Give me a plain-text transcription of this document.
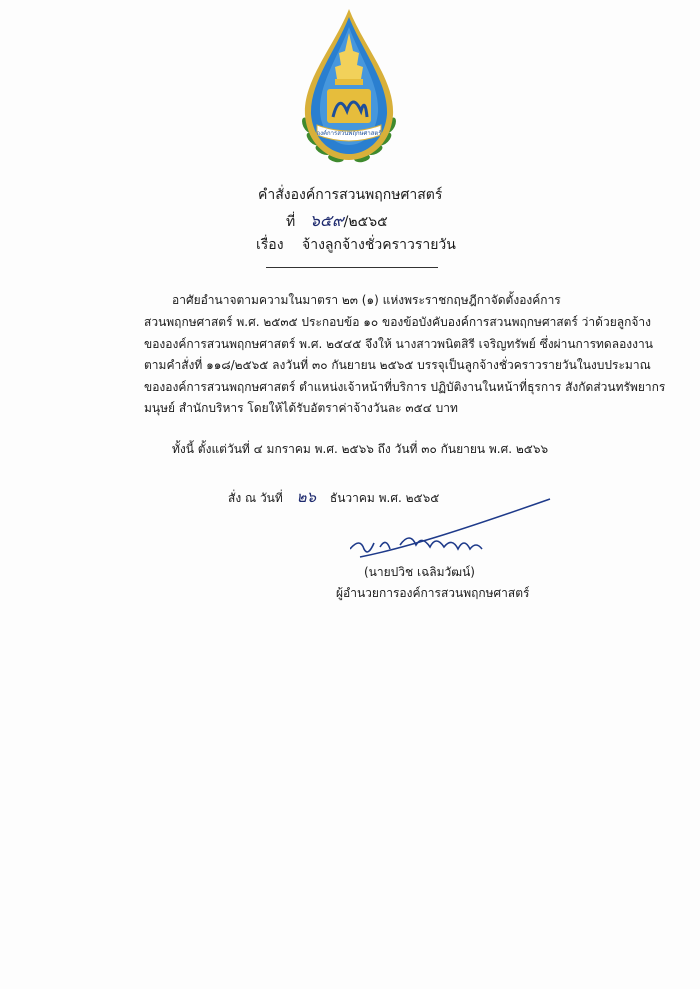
องค์การสวนพฤกษศาสตร์
คำสั่งองค์การสวนพฤกษศาสตร์
ที่ ๖๕๙/๒๕๖๕
เรื่อง จ้างลูกจ้างชั่วคราวรายวัน
อาศัยอำนาจตามความในมาตรา ๒๓ (๑) แห่งพระราชกฤษฎีกาจัดตั้งองค์การ
สวนพฤกษศาสตร์ พ.ศ. ๒๕๓๕ ประกอบข้อ ๑๐ ของข้อบังคับองค์การสวนพฤกษศาสตร์ ว่าด้วยลูกจ้าง
ขององค์การสวนพฤกษศาสตร์ พ.ศ. ๒๕๔๕ จึงให้ นางสาวพนิตสิรี เจริญทรัพย์ ซึ่งผ่านการทดลองงาน
ตามคำสั่งที่ ๑๑๘/๒๕๖๕ ลงวันที่ ๓๐ กันยายน ๒๕๖๕ บรรจุเป็นลูกจ้างชั่วคราวรายวันในงบประมาณ
ขององค์การสวนพฤกษศาสตร์ ตำแหน่งเจ้าหน้าที่บริการ ปฏิบัติงานในหน้าที่ธุรการ สังกัดส่วนทรัพยากร
มนุษย์ สำนักบริหาร โดยให้ได้รับอัตราค่าจ้างวันละ ๓๕๔ บาท
ทั้งนี้ ตั้งแต่วันที่ ๔ มกราคม พ.ศ. ๒๕๖๖ ถึง วันที่ ๓๐ กันยายน พ.ศ. ๒๕๖๖
สั่ง ณ วันที่ ๒๖ ธันวาคม พ.ศ. ๒๕๖๕
(นายปวิช เฉลิมวัฒน์)
ผู้อำนวยการองค์การสวนพฤกษศาสตร์
